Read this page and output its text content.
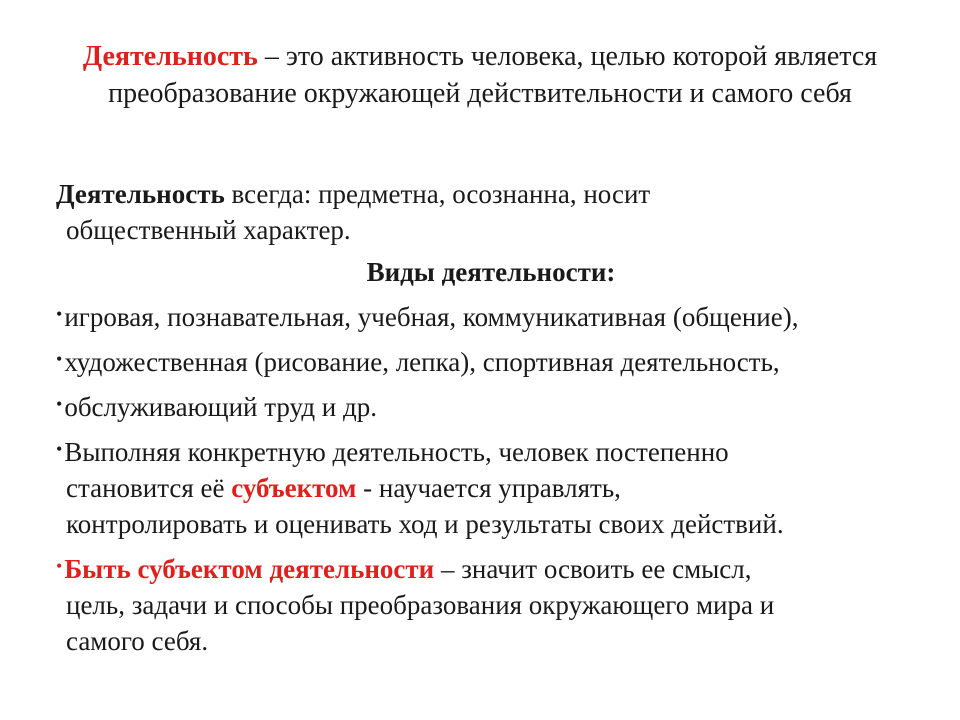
Деятельность – это активность человека, целью которой является преобразование окружающей действительности и самого себя

Деятельность всегда: предметна, осознанна, носит
общественный характер.

Виды деятельности:

•игровая, познавательная, учебная, коммуникативная (общение),

•художественная (рисование, лепка), спортивная деятельность,

•обслуживающий труд и др.

•Выполняя конкретную деятельность, человек постепенно
становится её субъектом - научается управлять,
контролировать и оценивать ход и результаты своих действий.

•Быть субъектом деятельности – значит освоить ее смысл,
цель, задачи и способы преобразования окружающего мира и
самого себя.
